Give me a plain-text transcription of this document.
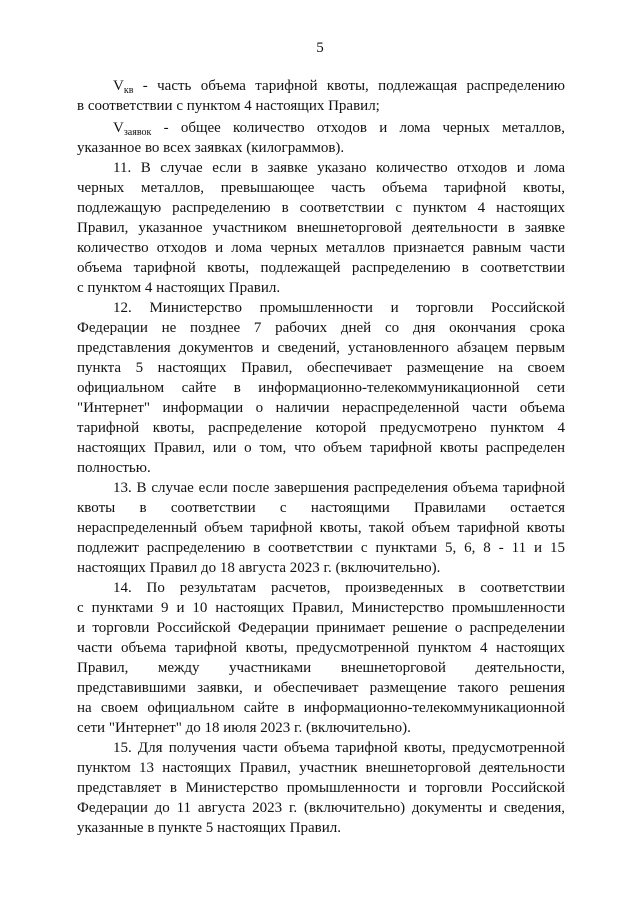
5
$V_{кв}$ - часть объема тарифной квоты, подлежащая распределению
в соответствии с пунктом 4 настоящих Правил;
$V_{заявок}$ - общее количество отходов и лома черных металлов,
указанное во всех заявках (килограммов).
11. В случае если в заявке указано количество отходов и лома
черных металлов, превышающее часть объема тарифной квоты,
подлежащую распределению в соответствии с пунктом 4 настоящих
Правил, указанное участником внешнеторговой деятельности в заявке
количество отходов и лома черных металлов признается равным части
объема тарифной квоты, подлежащей распределению в соответствии
с пунктом 4 настоящих Правил.
12. Министерство промышленности и торговли Российской
Федерации не позднее 7 рабочих дней со дня окончания срока
представления документов и сведений, установленного абзацем первым
пункта 5 настоящих Правил, обеспечивает размещение на своем
официальном сайте в информационно-телекоммуникационной сети
"Интернет" информации о наличии нераспределенной части объема
тарифной квоты, распределение которой предусмотрено пунктом 4
настоящих Правил, или о том, что объем тарифной квоты распределен
полностью.
13. В случае если после завершения распределения объема тарифной
квоты в соответствии с настоящими Правилами остается
нераспределенный объем тарифной квоты, такой объем тарифной квоты
подлежит распределению в соответствии с пунктами 5, 6, 8 - 11 и 15
настоящих Правил до 18 августа 2023 г. (включительно).
14. По результатам расчетов, произведенных в соответствии
с пунктами 9 и 10 настоящих Правил, Министерство промышленности
и торговли Российской Федерации принимает решение о распределении
части объема тарифной квоты, предусмотренной пунктом 4 настоящих
Правил, между участниками внешнеторговой деятельности,
представившими заявки, и обеспечивает размещение такого решения
на своем официальном сайте в информационно-телекоммуникационной
сети "Интернет" до 18 июля 2023 г. (включительно).
15. Для получения части объема тарифной квоты, предусмотренной
пунктом 13 настоящих Правил, участник внешнеторговой деятельности
представляет в Министерство промышленности и торговли Российской
Федерации до 11 августа 2023 г. (включительно) документы и сведения,
указанные в пункте 5 настоящих Правил.
